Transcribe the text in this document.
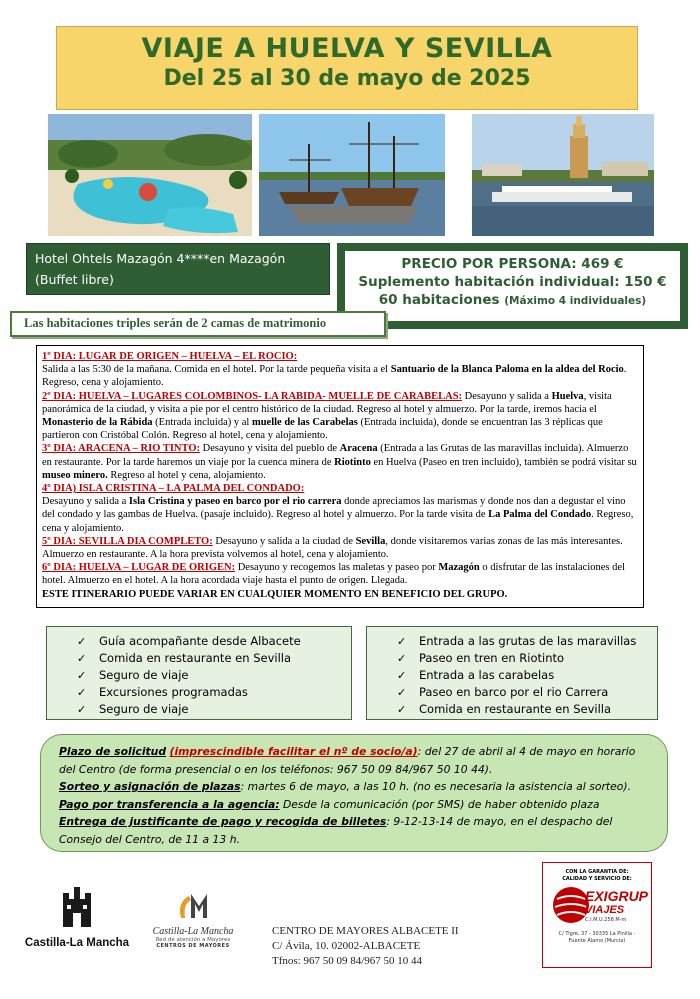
VIAJE A HUELVA Y SEVILLA
Del 25 al 30 de mayo de 2025
Hotel Ohtels Mazagón 4****en Mazagón
(Buffet libre)
PRECIO POR PERSONA: 469 €
Suplemento habitación individual: 150 €
60 habitaciones (Máximo 4 individuales)
Las habitaciones triples serán de 2 camas de matrimonio

1º DIA: LUGAR DE ORIGEN – HUELVA – EL ROCIO:
Salida a las 5:30 de la mañana. Comida en el hotel. Por la tarde pequeña visita a el Santuario de la Blanca Paloma en la aldea del Rocio. Regreso, cena y alojamiento.

2º DIA: HUELVA – LUGARES COLOMBINOS- LA RABIDA- MUELLE DE CARABELAS: Desayuno y salida a Huelva, visita panorámica de la ciudad, y visita a pie por el centro histórico de la ciudad. Regreso al hotel y almuerzo. Por la tarde, iremos hacia el Monasterio de la Rábida (Entrada incluida) y al muelle de las Carabelas (Entrada incluida), donde se encuentran las 3 réplicas que partieron con Cristóbal Colón. Regreso al hotel, cena y alojamiento.

3º DIA: ARACENA – RIO TINTO: Desayuno y visita del pueblo de Aracena (Entrada a las Grutas de las maravillas incluida). Almuerzo en restaurante. Por la tarde haremos un viaje por la cuenca minera de Riotinto en Huelva (Paseo en tren incluido), también se podrá visitar su museo minero. Regreso al hotel y cena, alojamiento.

4º DIA) ISLA CRISTINA – LA PALMA DEL CONDADO:
Desayuno y salida a Isla Cristina y paseo en barco por el rio carrera donde apreciamos las marismas y donde nos dan a degustar el vino del condado y las gambas de Huelva. (pasaje incluido). Regreso al hotel y almuerzo. Por la tarde visita de La Palma del Condado. Regreso, cena y alojamiento.

5º DIA: SEVILLA DIA COMPLETO: Desayuno y salida a la ciudad de Sevilla, donde visitaremos varias zonas de las más interesantes. Almuerzo en restaurante. A la hora prevista volvemos al hotel, cena y alojamiento.

6º DIA: HUELVA – LUGAR DE ORIGEN: Desayuno y recogemos las maletas y paseo por Mazagón o disfrutar de las instalaciones del hotel. Almuerzo en el hotel. A la hora acordada viaje hasta el punto de origen. Llegada.

ESTE ITINERARIO PUEDE VARIAR EN CUALQUIER MOMENTO EN BENEFICIO DEL GRUPO.

✓ Guía acompañante desde Albacete
✓ Comida en restaurante en Sevilla
✓ Seguro de viaje
✓ Excursiones programadas
✓ Seguro de viaje
✓ Entrada a las grutas de las maravillas
✓ Paseo en tren en Riotinto
✓ Entrada a las carabelas
✓ Paseo en barco por el rio Carrera
✓ Comida en restaurante en Sevilla
Plazo de solicitud (imprescindible facilitar el nº de socio/a): del 27 de abril al 4 de mayo en horario del Centro (de forma presencial o en los teléfonos: 967 50 09 84/967 50 10 44).
Sorteo y asignación de plazas: martes 6 de mayo, a las 10 h. (no es necesaria la asistencia al sorteo).
Pago por transferencia a la agencia: Desde la comunicación (por SMS) de haber obtenido plaza
Entrega de justificante de pago y recogida de billetes: 9-12-13-14 de mayo, en el despacho del Consejo del Centro, de 11 a 13 h.
Castilla-La Mancha
Castilla-La Mancha
Red de atención a Mayores
CENTROS DE MAYORES
CENTRO DE MAYORES ALBACETE II
C/ Ávila, 10. 02002-ALBACETE
Tfnos: 967 50 09 84/967 50 10 44
CON LA GARANTIA DE:
CALIDAD Y SERVICIO DE:
EXIGRUP
VIAJES
C.I.M.U.258.M-m
C/ Tigre, 37 - 30335 La Pinilla -
Fuente Álamo (Murcia)
